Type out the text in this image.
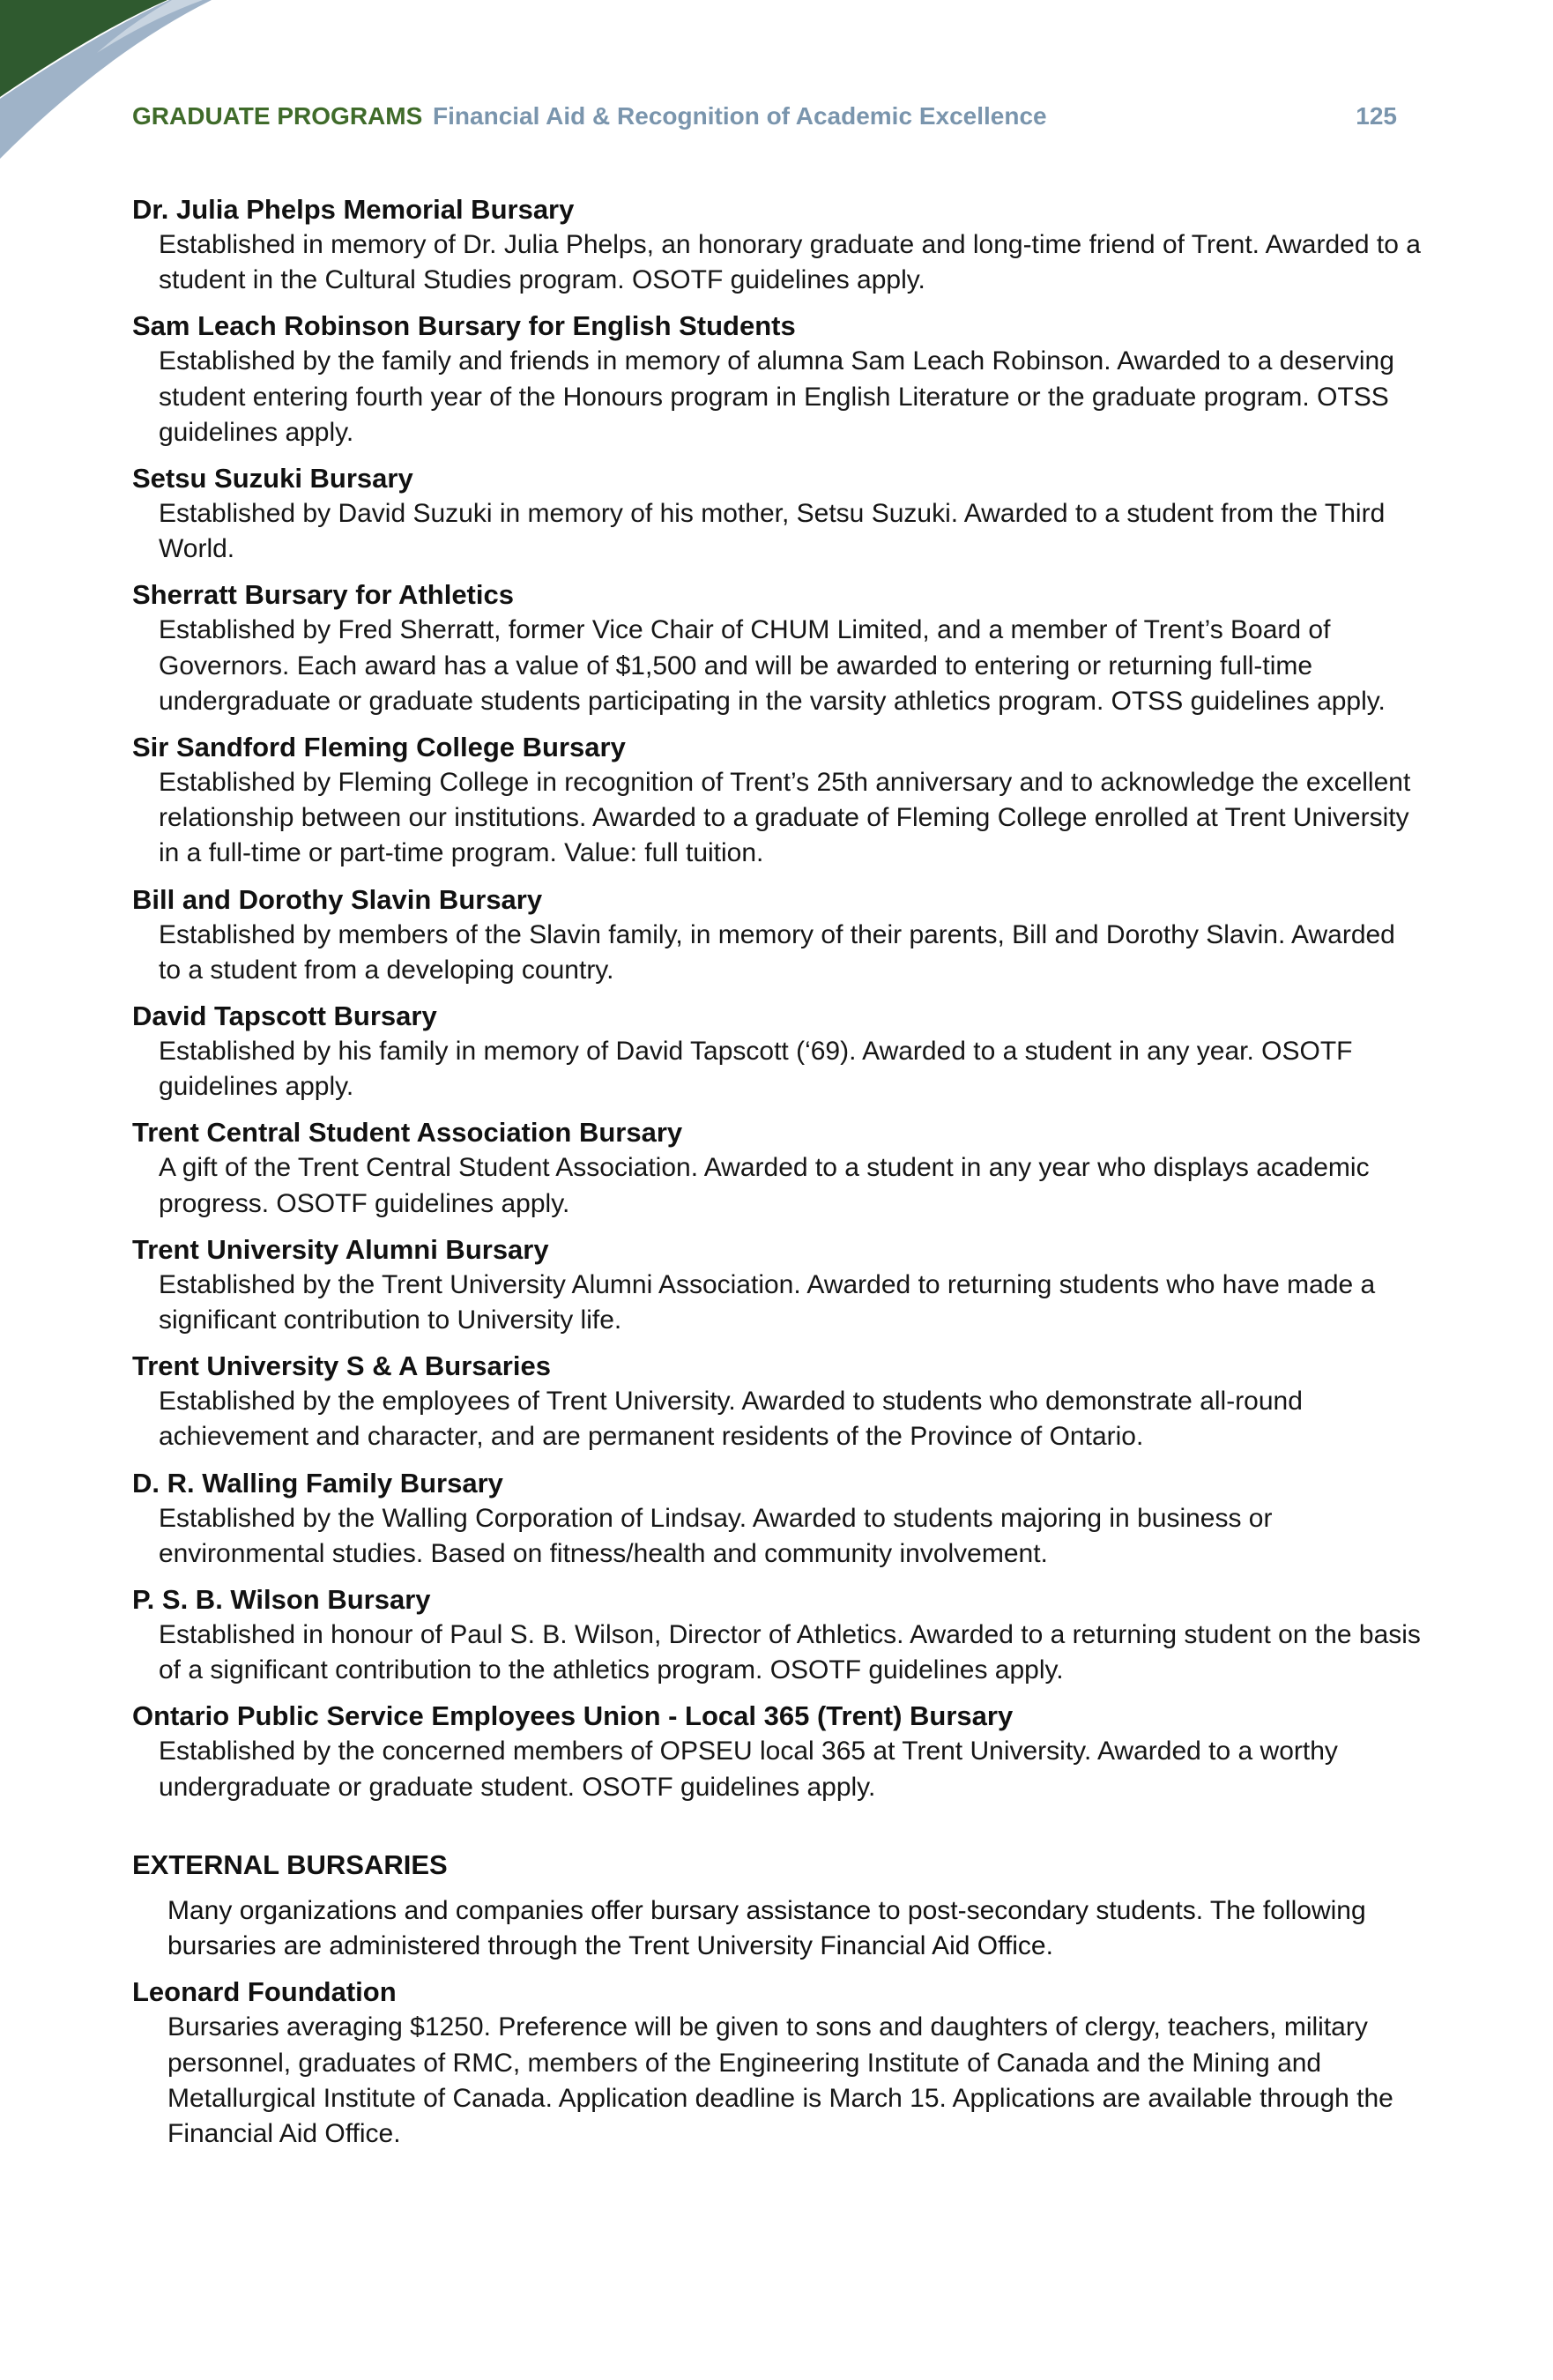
GRADUATE PROGRAMS Financial Aid & Recognition of Academic Excellence	125
Dr. Julia Phelps Memorial Bursary
Established in memory of Dr. Julia Phelps, an honorary graduate and long-time friend of Trent. Awarded to a student in the Cultural Studies program. OSOTF guidelines apply.
Sam Leach Robinson Bursary for English Students
Established by the family and friends in memory of alumna Sam Leach Robinson. Awarded to a deserving student entering fourth year of the Honours program in English Literature or the graduate program. OTSS guidelines apply.
Setsu Suzuki Bursary
Established by David Suzuki in memory of his mother, Setsu Suzuki. Awarded to a student from the Third World.
Sherratt Bursary for Athletics
Established by Fred Sherratt, former Vice Chair of CHUM Limited, and a member of Trent’s Board of Governors. Each award has a value of $1,500 and will be awarded to entering or returning full-time undergraduate or graduate students participating in the varsity athletics program. OTSS guidelines apply.
Sir Sandford Fleming College Bursary
Established by Fleming College in recognition of Trent’s 25th anniversary and to acknowledge the excellent relationship between our institutions. Awarded to a graduate of Fleming College enrolled at Trent University in a full-time or part-time program. Value: full tuition.
Bill and Dorothy Slavin Bursary
Established by members of the Slavin family, in memory of their parents, Bill and Dorothy Slavin. Awarded to a student from a developing country.
David Tapscott Bursary
Established by his family in memory of David Tapscott (‘69). Awarded to a student in any year. OSOTF guidelines apply.
Trent Central Student Association Bursary
A gift of the Trent Central Student Association. Awarded to a student in any year who displays academic progress. OSOTF guidelines apply.
Trent University Alumni Bursary
Established by the Trent University Alumni Association. Awarded to returning students who have made a significant contribution to University life.
Trent University S & A Bursaries
Established by the employees of Trent University. Awarded to students who demonstrate all-round achievement and character, and are permanent residents of the Province of Ontario.
D. R. Walling Family Bursary
Established by the Walling Corporation of Lindsay. Awarded to students majoring in business or environmental studies. Based on fitness/health and community involvement.
P. S. B. Wilson Bursary
Established in honour of Paul S. B. Wilson, Director of Athletics. Awarded to a returning student on the basis of a significant contribution to the athletics program. OSOTF guidelines apply.
Ontario Public Service Employees Union - Local 365 (Trent) Bursary
Established by the concerned members of OPSEU local 365 at Trent University. Awarded to a worthy undergraduate or graduate student. OSOTF guidelines apply.
EXTERNAL BURSARIES
Many organizations and companies offer bursary assistance to post-secondary students. The following bursaries are administered through the Trent University Financial Aid Office.
Leonard Foundation
Bursaries averaging $1250. Preference will be given to sons and daughters of clergy, teachers, military personnel, graduates of RMC, members of the Engineering Institute of Canada and the Mining and Metallurgical Institute of Canada. Application deadline is March 15. Applications are available through the Financial Aid Office.
